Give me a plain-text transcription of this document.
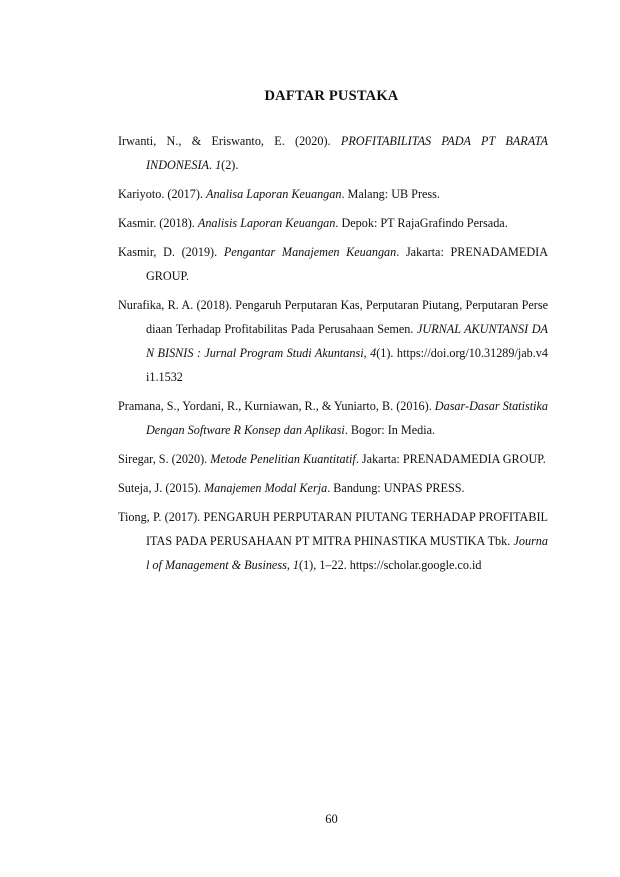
DAFTAR PUSTAKA

Irwanti, N., & Eriswanto, E. (2020). PROFITABILITAS PADA PT BARATA INDONESIA. 1(2).

Kariyoto. (2017). Analisa Laporan Keuangan. Malang: UB Press.

Kasmir. (2018). Analisis Laporan Keuangan. Depok: PT RajaGrafindo Persada.

Kasmir, D. (2019). Pengantar Manajemen Keuangan. Jakarta: PRENADAMEDIA GROUP.

Nurafika, R. A. (2018). Pengaruh Perputaran Kas, Perputaran Piutang, Perputaran Persediaan Terhadap Profitabilitas Pada Perusahaan Semen. JURNAL AKUNTANSI DAN BISNIS : Jurnal Program Studi Akuntansi, 4(1). https://doi.org/10.31289/jab.v4i1.1532

Pramana, S., Yordani, R., Kurniawan, R., & Yuniarto, B. (2016). Dasar-Dasar Statistika Dengan Software R Konsep dan Aplikasi. Bogor: In Media.

Siregar, S. (2020). Metode Penelitian Kuantitatif. Jakarta: PRENADAMEDIA GROUP.

Suteja, J. (2015). Manajemen Modal Kerja. Bandung: UNPAS PRESS.

Tiong, P. (2017). PENGARUH PERPUTARAN PIUTANG TERHADAP PROFITABILITAS PADA PERUSAHAAN PT MITRA PHINASTIKA MUSTIKA Tbk. Journal of Management & Business, 1(1), 1–22. https://scholar.google.co.id

60
